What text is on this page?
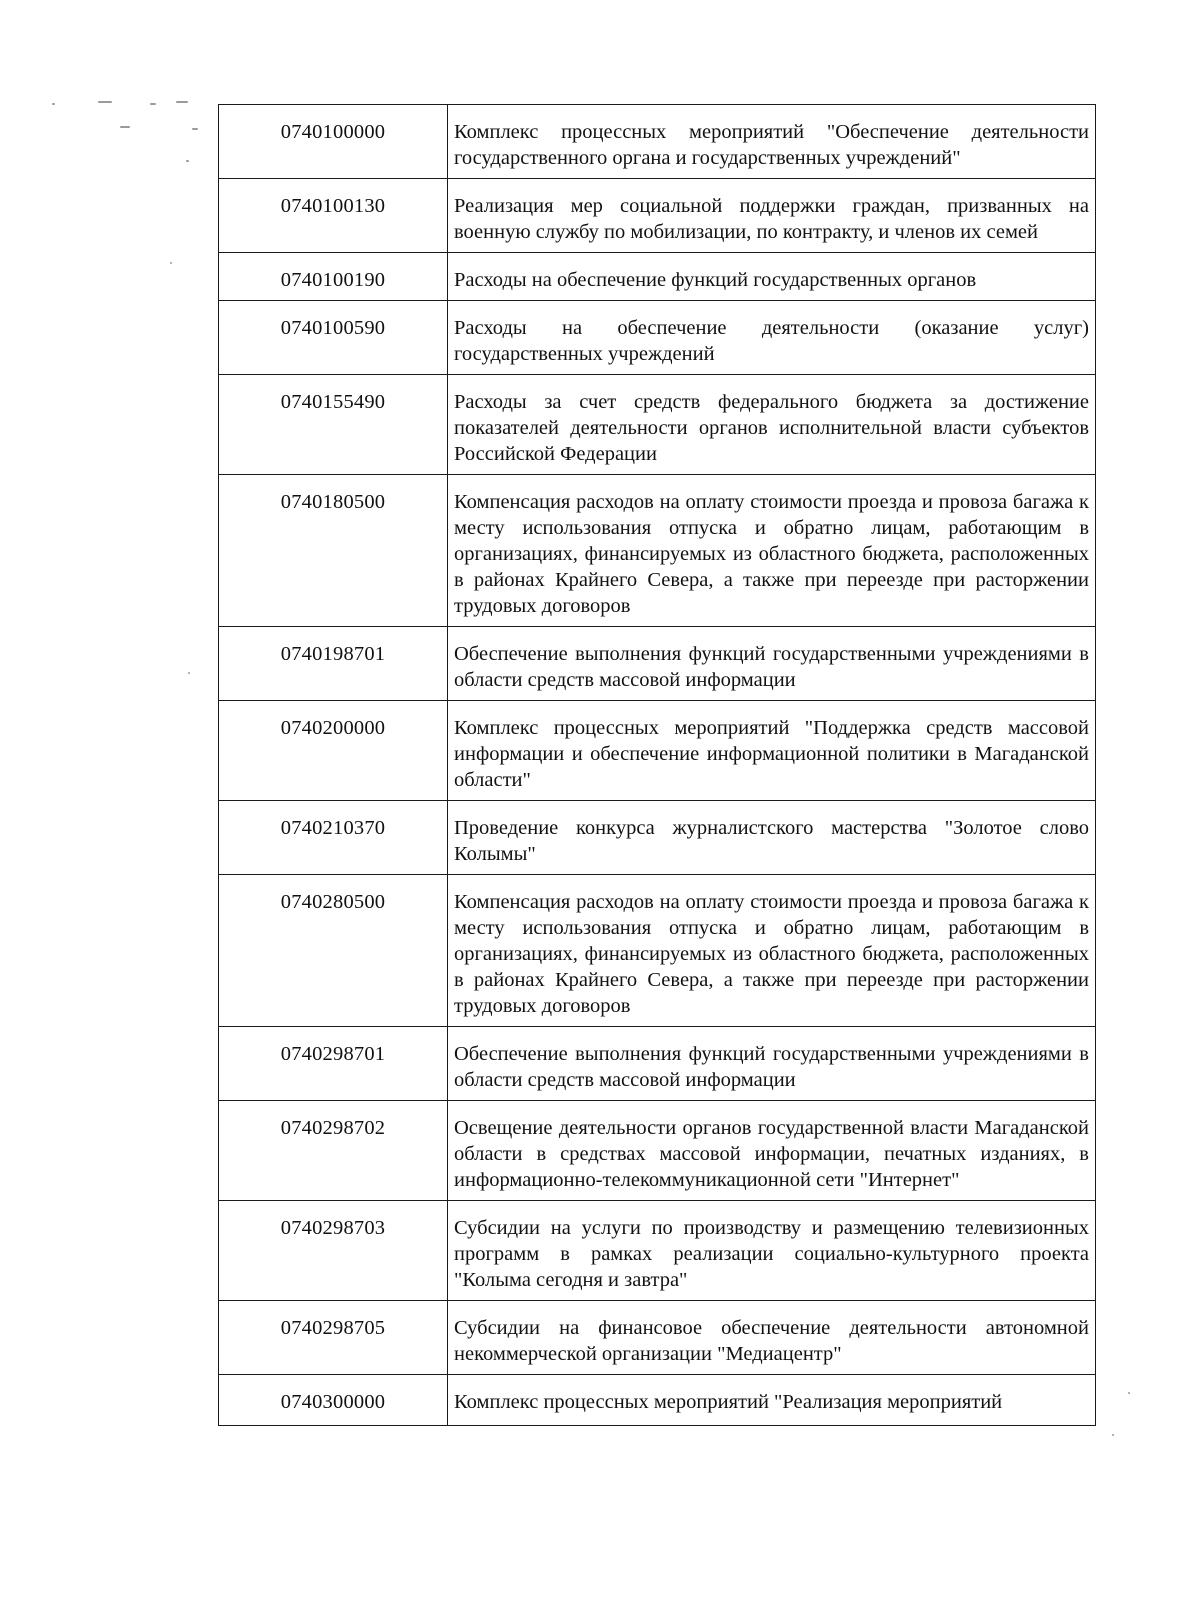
0740100000	Комплекс процессных мероприятий "Обеспечение деятельности государственного органа и государственных учреждений"
0740100130	Реализация мер социальной поддержки граждан, призванных на военную службу по мобилизации, по контракту, и членов их семей
0740100190	Расходы на обеспечение функций государственных органов
0740100590	Расходы на обеспечение деятельности (оказание услуг) государственных учреждений
0740155490	Расходы за счет средств федерального бюджета за достижение показателей деятельности органов исполнительной власти субъектов Российской Федерации
0740180500	Компенсация расходов на оплату стоимости проезда и провоза багажа к месту использования отпуска и обратно лицам, работающим в организациях, финансируемых из областного бюджета, расположенных в районах Крайнего Севера, а также при переезде при расторжении трудовых договоров
0740198701	Обеспечение выполнения функций государственными учреждениями в области средств массовой информации
0740200000	Комплекс процессных мероприятий "Поддержка средств массовой информации и обеспечение информационной политики в Магаданской области"
0740210370	Проведение конкурса журналистского мастерства "Золотое слово Колымы"
0740280500	Компенсация расходов на оплату стоимости проезда и провоза багажа к месту использования отпуска и обратно лицам, работающим в организациях, финансируемых из областного бюджета, расположенных в районах Крайнего Севера, а также при переезде при расторжении трудовых договоров
0740298701	Обеспечение выполнения функций государственными учреждениями в области средств массовой информации
0740298702	Освещение деятельности органов государственной власти Магаданской области в средствах массовой информации, печатных изданиях, в информационно-телекоммуникационной сети "Интернет"
0740298703	Субсидии на услуги по производству и размещению телевизионных программ в рамках реализации социально-культурного проекта "Колыма сегодня и завтра"
0740298705	Субсидии на финансовое обеспечение деятельности автономной некоммерческой организации "Медиацентр"
0740300000	Комплекс процессных мероприятий "Реализация мероприятий
